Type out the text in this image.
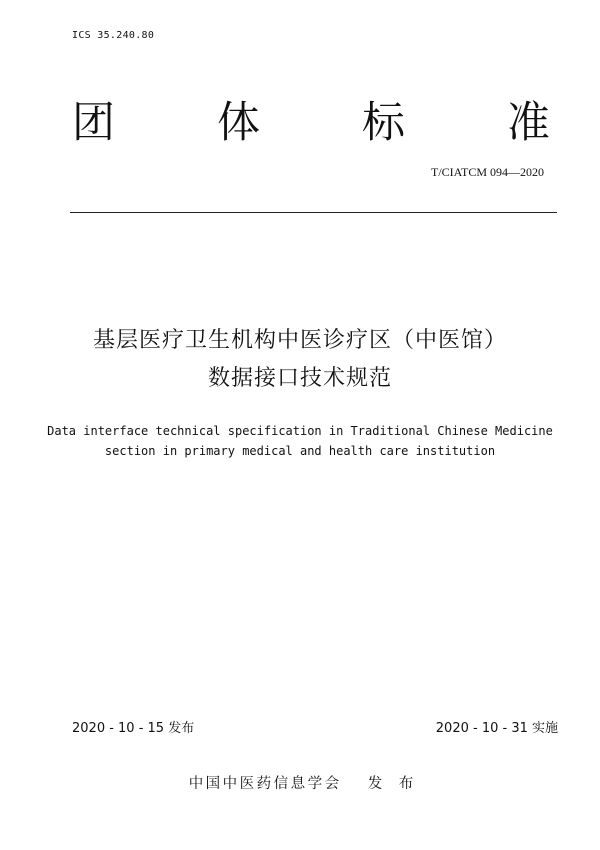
ICS 35.240.80
团 体 标 准
T/CIATCM 094—2020
基层医疗卫生机构中医诊疗区（中医馆）
数据接口技术规范
Data interface technical specification in Traditional Chinese Medicine
section in primary medical and health care institution
2020 - 10 - 15 发布	2020 - 10 - 31 实施
中国中医药信息学会 发 布
